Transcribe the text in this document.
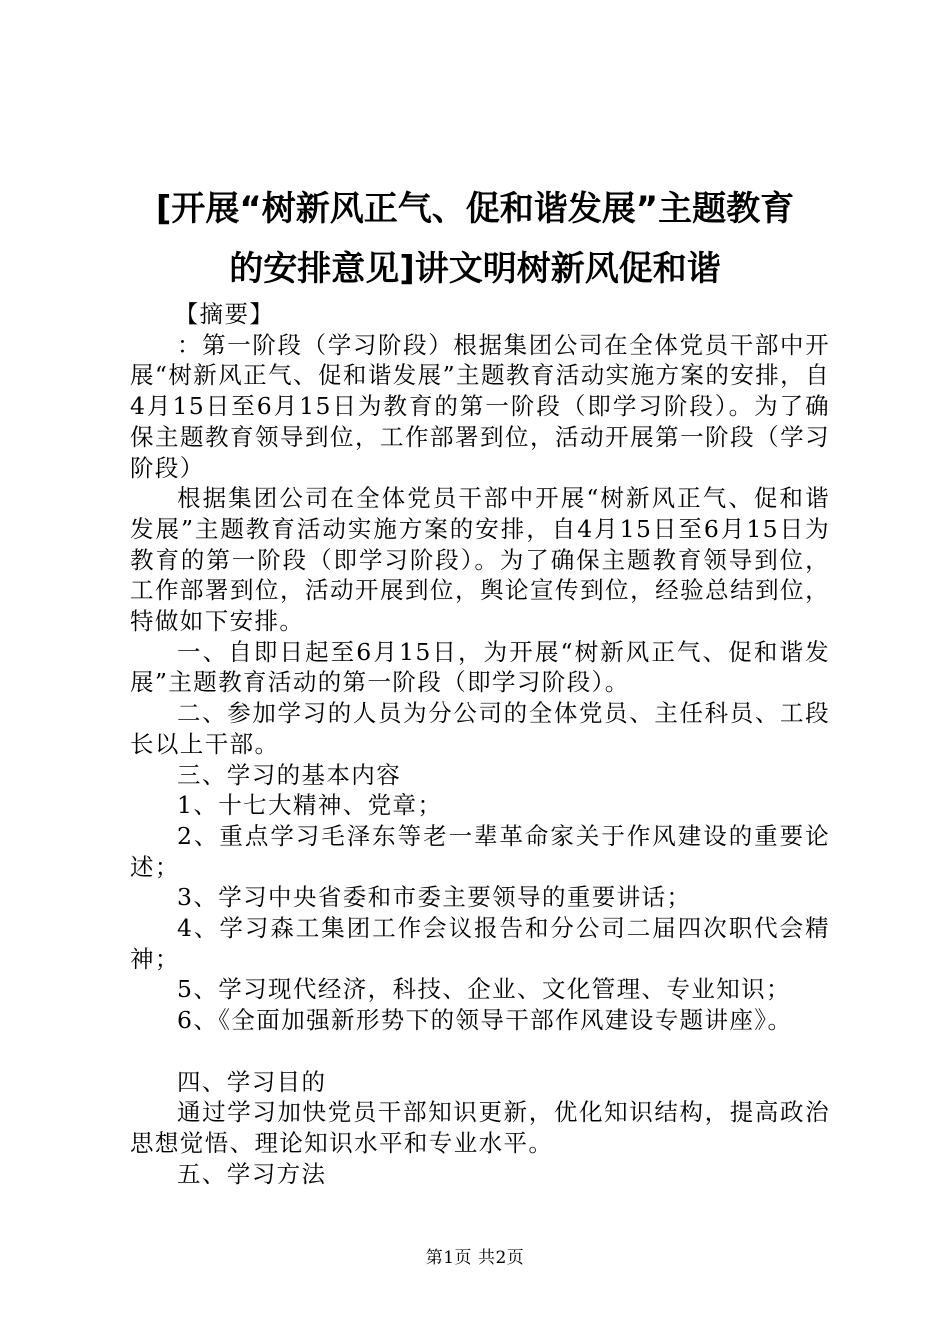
[开展“树新风正气、促和谐发展”主题教育
的安排意见]讲文明树新风促和谐

【摘要】

：第一阶段（学习阶段）根据集团公司在全体党员干部中开展“树新风正气、促和谐发展”主题教育活动实施方案的安排，自4月15日至6月15日为教育的第一阶段（即学习阶段）。为了确保主题教育领导到位，工作部署到位，活动开展第一阶段（学习阶段）

根据集团公司在全体党员干部中开展“树新风正气、促和谐发展”主题教育活动实施方案的安排，自4月15日至6月15日为教育的第一阶段（即学习阶段）。为了确保主题教育领导到位，工作部署到位，活动开展到位，舆论宣传到位，经验总结到位，特做如下安排。

一、自即日起至6月15日，为开展“树新风正气、促和谐发展”主题教育活动的第一阶段（即学习阶段）。

二、参加学习的人员为分公司的全体党员、主任科员、工段长以上干部。

三、学习的基本内容

1、十七大精神、党章；

2、重点学习毛泽东等老一辈革命家关于作风建设的重要论述；

3、学习中央省委和市委主要领导的重要讲话；

4、学习森工集团工作会议报告和分公司二届四次职代会精神；

5、学习现代经济，科技、企业、文化管理、专业知识；

6、《全面加强新形势下的领导干部作风建设专题讲座》。

四、学习目的

通过学习加快党员干部知识更新，优化知识结构，提高政治思想觉悟、理论知识水平和专业水平。

五、学习方法

第1页 共2页
